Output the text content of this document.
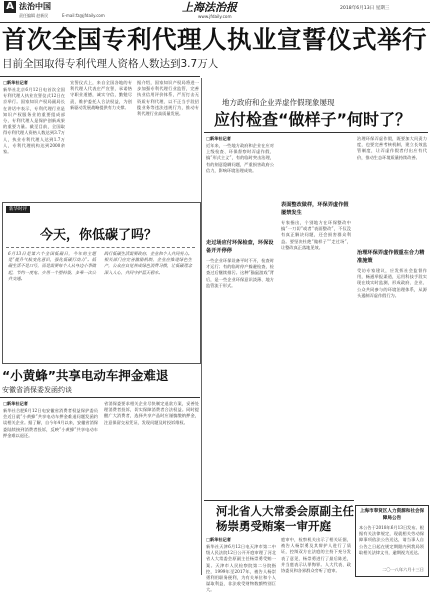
A 法治中国
责任编辑 赵新民	E-mail:fz@jfdaily.com
上海法治报
www.jfdaily.com
2018年6月13日 星期三
首次全国专利代理人执业宣誓仪式举行
目前全国取得专利代理人资格人数达到3.7万人
□新华社记者
新华社北京6月12日电首次全国专利代理人执业宣誓仪式12日在京举行。国家知识产权局副局长在讲话中表示，专利代理行业是知识产权服务业的重要组成部分，专利代理人是保护创新成果的重要力量。截至目前，全国取得专利代理人资格人数达到3.7万人，执业专利代理人达到1.7万人，专利代理机构达到2000余家。
宣誓仪式上，来自全国各地的专利代理人代表庄严宣誓，承诺恪守职业道德，诚实守信，勤勉尽责，维护委托人合法权益，为创新驱动发展战略提供有力支撑。
据介绍，国家知识产权局将进一步加强专利代理行业监管，完善执业信用评价体系，严厉打击无资质专利代理、以不正当手段招揽业务等违法违规行为，推动专利代理行业高质量发展。
新华时评
今天，你低碳了吗？
6月13日是第六个全国低碳日，今年的主题是“提升气候变化意识，强化低碳行动力”。低碳生活不是口号，而是需要每个人从身边小事做起，节约一度电、少用一个塑料袋、多乘一次公共交通。
践行低碳生活需要政府、企业和个人共同努力。相关部门应完善激励机制，企业应推进绿色生产，公众应自觉养成绿色消费习惯，让低碳理念深入人心，共同守护蓝天碧水。
“小黄蜂”共享电动车押金难退
安徽省消保委发函约谈
□新华社记者
新华社合肥6月12日电安徽省消费者权益保护委员会近日就“小黄蜂”共享电动车押金难退问题发函约谈相关企业。据了解，自今年4月以来，安徽省消保委陆续接到消费者投诉，反映“小黄蜂”共享电动车押金难以退还。
省消保委要求相关企业尽快制定退款方案，妥善处理消费者投诉，切实保障消费者合法权益。同时提醒广大消费者，选择共享产品时应谨慎缴纳押金，注意保留交易凭证，发现问题及时投诉维权。
地方政府和企业弄虚作假现象屡现
应付检查“做样子”何时了？
□新华社记者
近年来，一些地方政府和企业在应对上级检查、环保督察时弄虚作假、搞“形式主义”，有的临时突击治理，有的刻意隐瞒问题，严重损害政府公信力，影响环境治理成效。
走过场应付环保检查，环保设备开开停停
一些企业环保设备平时不开，检查时才运行；有的临时停产躲避检查，检查过后继续排污。这种“猫鼠游戏”背后，是一些企业环保意识淡薄、地方监管流于形式。
表面整改做样，环保弄虚作假屡禁发生
专家指出，个别地方在环保整改中搞“一刀切”或者“表面整改”，不仅没有真正解决问题，还会损害群众利益。要坚决杜绝“做样子”“走过场”，让整改真正落地见效。
治理环保弄虚作假，既要加大问责力度，也要完善考核机制，建立长效监管制度，让弄虚作假者付出应有代价，推动生态环境质量持续改善。
治理环保弄虚作假重在合力精准施策
受访专家建议，应发挥社会监督作用，畅通举报渠道，运用科技手段实现在线实时监测，形成政府、企业、公众共同参与的环境治理体系，从源头遏制弄虚作假行为。
河北省人大常委会原副主任
杨崇勇受贿案一审开庭
□新华社记者
新华社天津6月12日电天津市第二中级人民法院12日公开开庭审理了河北省人大常委会原副主任杨崇勇受贿一案。天津市人民检察院第二分院指控，1999年至2017年，被告人杨崇勇利用职务便利，为有关单位和个人谋取利益，非法收受财物数额特别巨大。
庭审中，检察机关出示了相关证据，被告人杨崇勇及其辩护人进行了质证，控辩双方在法庭的主持下充分发表了意见，杨崇勇进行了最后陈述，并当庭表示认罪悔罪。人大代表、政协委员和各界群众旁听了庭审。
上海市奉贤区人力资源和社会保障局公告
本公告于2018年6月13日发布。根据有关法律规定，现就相关劳动保障事项依法公告送达，请当事人自公告之日起在规定期限内到我局领取相关法律文书，逾期视为送达。
二〇一八年六月十三日
